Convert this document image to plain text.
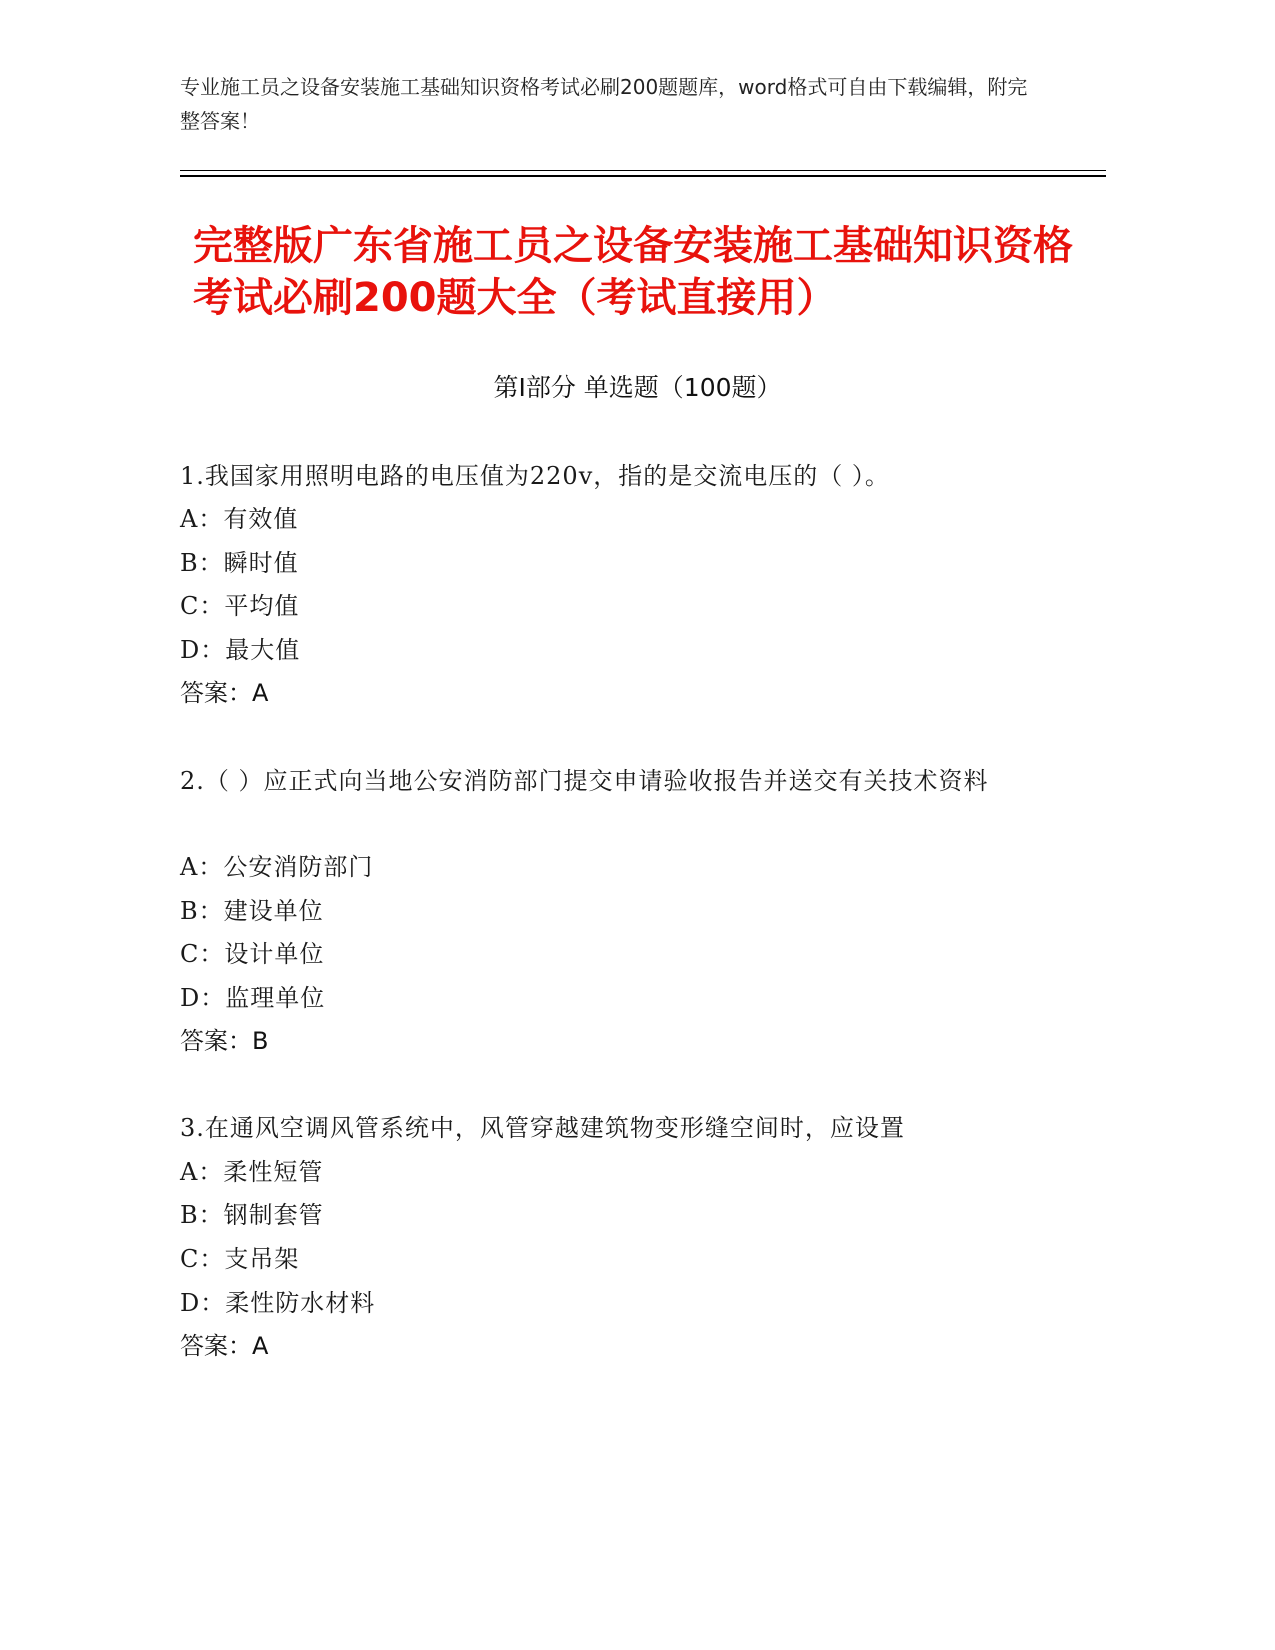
专业施工员之设备安装施工基础知识资格考试必刷200题题库，word格式可自由下载编辑，附完整答案！
完整版广东省施工员之设备安装施工基础知识资格考试必刷200题大全（考试直接用）
第Ⅰ部分 单选题（100题）
1.我国家用照明电路的电压值为220v，指的是交流电压的（ ）。
A：有效值
B：瞬时值
C：平均值
D：最大值
答案：A
2.（ ）应正式向当地公安消防部门提交申请验收报告并送交有关技术资料
A：公安消防部门
B：建设单位
C：设计单位
D：监理单位
答案：B
3.在通风空调风管系统中，风管穿越建筑物变形缝空间时，应设置
A：柔性短管
B：钢制套管
C：支吊架
D：柔性防水材料
答案：A
